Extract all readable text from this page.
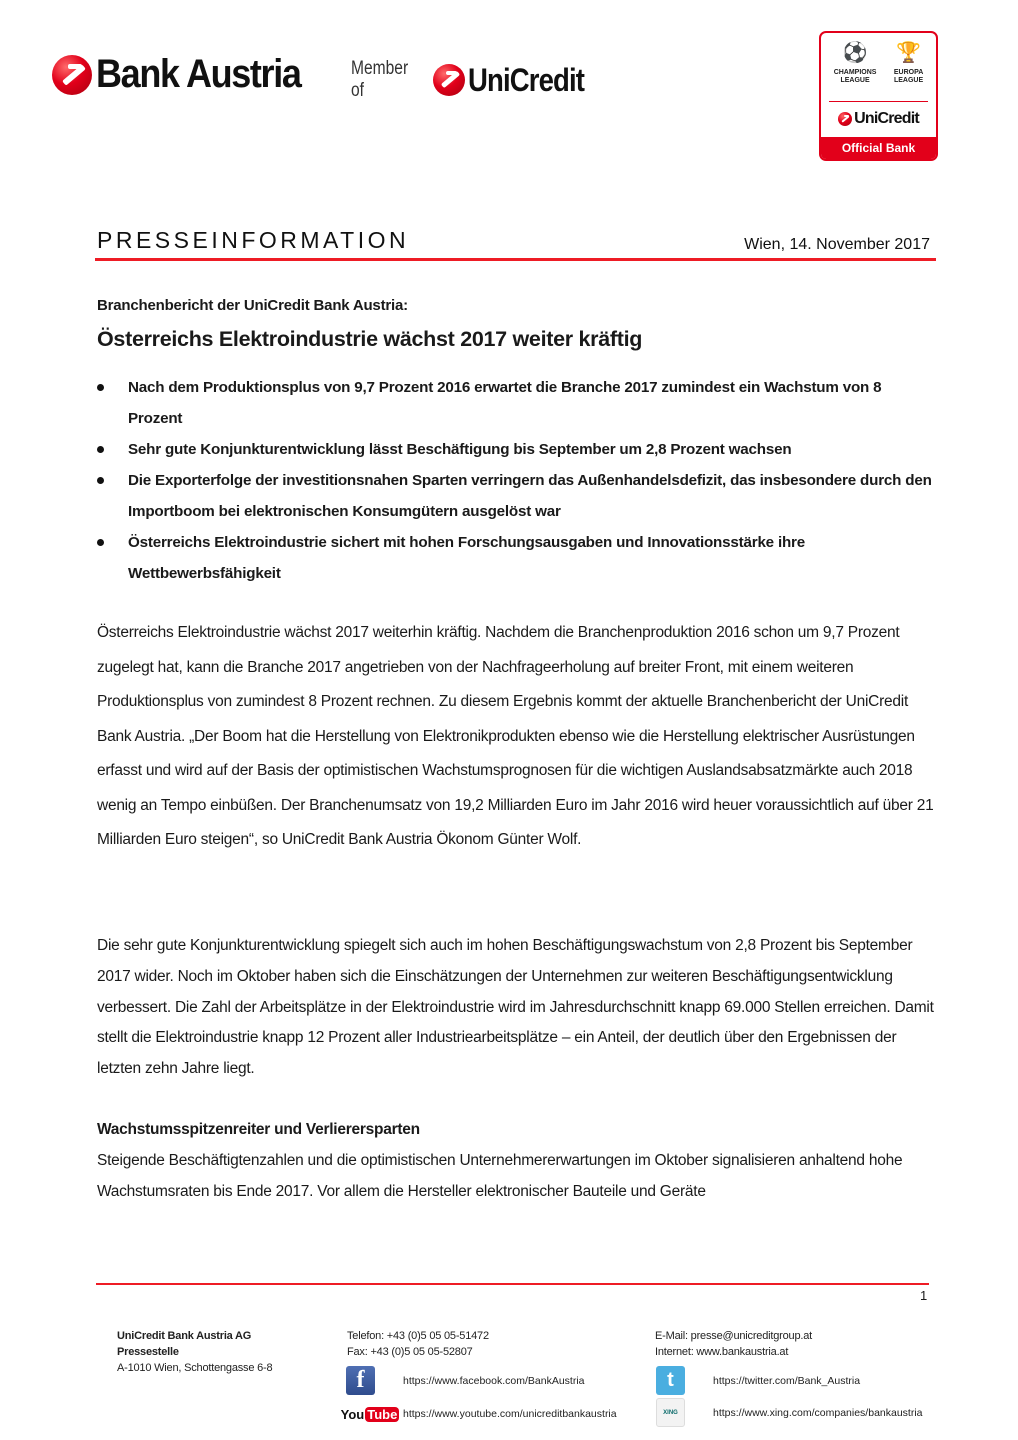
Bank Austria	Member of	UniCredit
⚽
CHAMPIONS
LEAGUE
🏆
EUROPA
LEAGUE
UniCredit
Official Bank
PRESSEINFORMATION	Wien, 14. November 2017
Branchenbericht der UniCredit Bank Austria:
Österreichs Elektroindustrie wächst 2017 weiter kräftig
Nach dem Produktionsplus von 9,7 Prozent 2016 erwartet die Branche 2017 zumindest ein Wachstum von 8 Prozent
Sehr gute Konjunkturentwicklung lässt Beschäftigung bis September um 2,8 Prozent wachsen
Die Exporterfolge der investitionsnahen Sparten verringern das Außenhandelsdefizit, das insbesondere durch den Importboom bei elektronischen Konsumgütern ausgelöst war
Österreichs Elektroindustrie sichert mit hohen Forschungsausgaben und Innovationsstärke ihre Wettbewerbsfähigkeit

Österreichs Elektroindustrie wächst 2017 weiterhin kräftig. Nachdem die Branchenproduktion 2016 schon um 9,7 Prozent zugelegt hat, kann die Branche 2017 angetrieben von der Nachfrageerholung auf breiter Front, mit einem weiteren Produktionsplus von zumindest 8 Prozent rechnen. Zu diesem Ergebnis kommt der aktuelle Branchenbericht der UniCredit Bank Austria. „Der Boom hat die Herstellung von Elektronikprodukten ebenso wie die Herstellung elektrischer Ausrüstungen erfasst und wird auf der Basis der optimistischen Wachstumsprognosen für die wichtigen Auslandsabsatzmärkte auch 2018 wenig an Tempo einbüßen. Der Branchenumsatz von 19,2 Milliarden Euro im Jahr 2016 wird heuer voraussichtlich auf über 21 Milliarden Euro steigen“, so UniCredit Bank Austria Ökonom Günter Wolf.

Die sehr gute Konjunkturentwicklung spiegelt sich auch im hohen Beschäftigungswachstum von 2,8 Prozent bis September 2017 wider. Noch im Oktober haben sich die Einschätzungen der Unternehmen zur weiteren Beschäftigungsentwicklung verbessert. Die Zahl der Arbeitsplätze in der Elektroindustrie wird im Jahresdurchschnitt knapp 69.000 Stellen erreichen. Damit stellt die Elektroindustrie knapp 12 Prozent aller Industriearbeitsplätze – ein Anteil, der deutlich über den Ergebnissen der letzten zehn Jahre liegt.

Wachstumsspitzenreiter und Verlierersparten

Steigende Beschäftigtenzahlen und die optimistischen Unternehmererwartungen im Oktober signalisieren anhaltend hohe Wachstumsraten bis Ende 2017. Vor allem die Hersteller elektronischer Bauteile und Geräte

1
UniCredit Bank Austria AG
Pressestelle
A-1010 Wien, Schottengasse 6-8
Telefon: +43 (0)5 05 05-51472
Fax: +43 (0)5 05 05-52807
E-Mail: presse@unicreditgroup.at
Internet: www.bankaustria.at
f	https://www.facebook.com/BankAustria
You Tube https://www.youtube.com/unicreditbankaustria
t	https://twitter.com/Bank_Austria
XING	https://www.xing.com/companies/bankaustria
